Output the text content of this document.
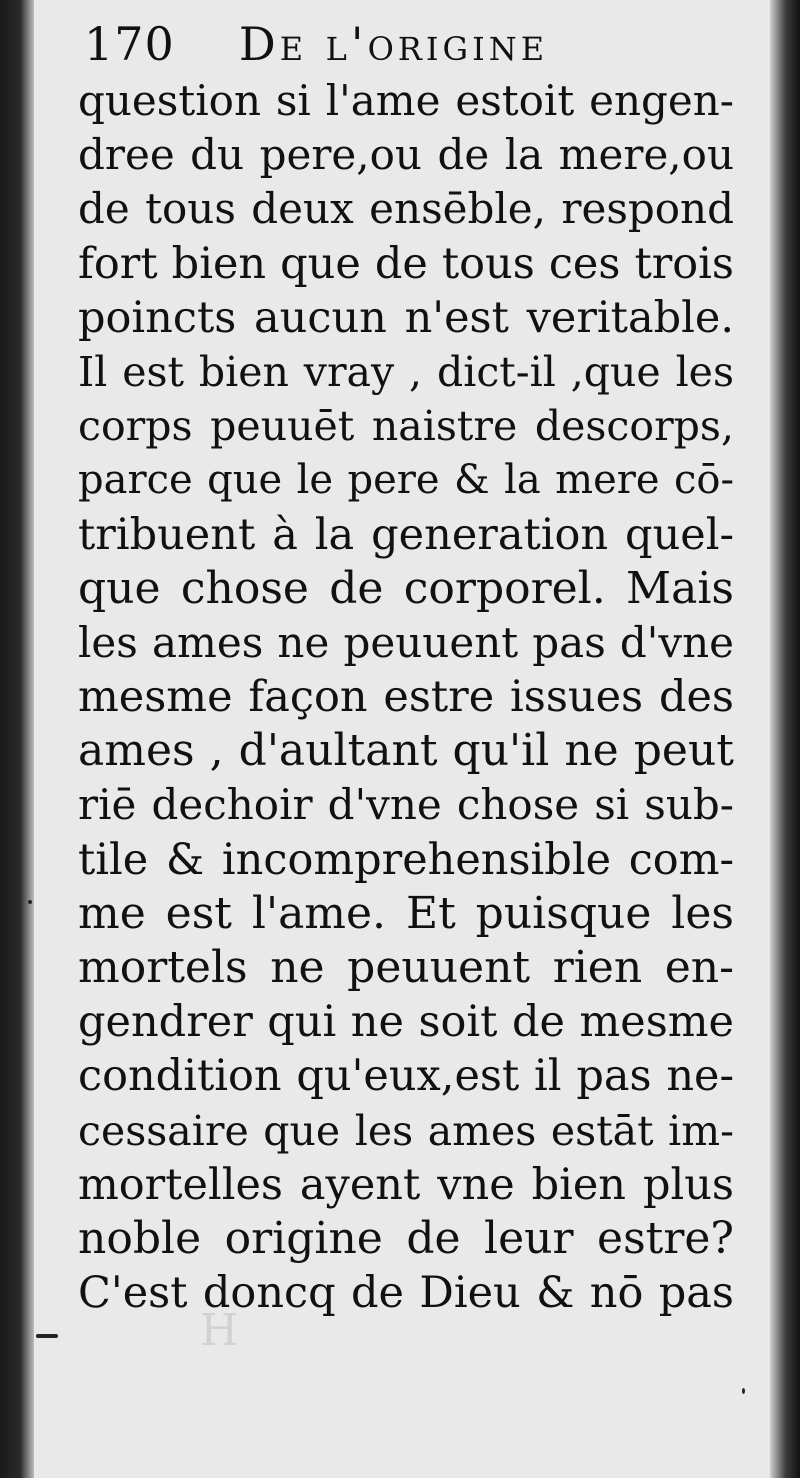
170 De l'origine
question si l'ame estoit engen-
dree du pere,ou de la mere,ou
de tous deux ensēble, respond
fort bien que de tous ces trois
poincts aucun n'est veritable.
Il est bien vray , dict-il ,que les
corps peuuēt naistre descorps,
parce que le pere & la mere cō-
tribuent à la generation quel-
que chose de corporel. Mais
les ames ne peuuent pas d'vne
mesme façon estre issues des
ames , d'aultant qu'il ne peut
riē dechoir d'vne chose si sub-
tile & incomprehensible com-
me est l'ame. Et puisque les
mortels ne peuuent rien en-
gendrer qui ne soit de mesme
condition qu'eux,est il pas ne-
cessaire que les ames estāt im-
mortelles ayent vne bien plus
noble origine de leur estre?
C'est doncq de Dieu & nō pas
H
